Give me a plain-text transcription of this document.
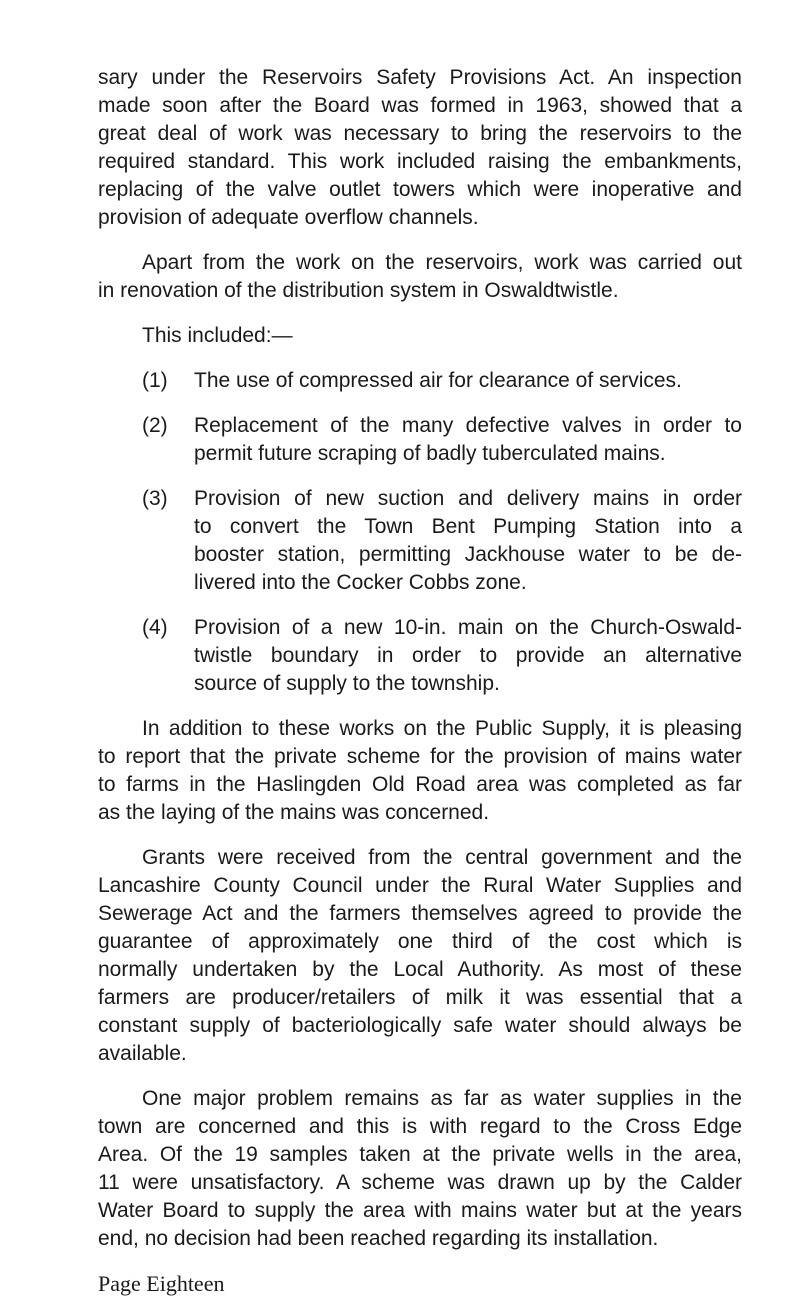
sary under the Reservoirs Safety Provisions Act. An inspection
made soon after the Board was formed in 1963, showed that a
great deal of work was necessary to bring the reservoirs to the
required standard. This work included raising the embankments,
replacing of the valve outlet towers which were inoperative and
provision of adequate overflow channels.
Apart from the work on the reservoirs, work was carried out
in renovation of the distribution system in Oswaldtwistle.
This included:—
(1) The use of compressed air for clearance of services.
(2) Replacement of the many defective valves in order to
permit future scraping of badly tuberculated mains.
(3) Provision of new suction and delivery mains in order
to convert the Town Bent Pumping Station into a
booster station, permitting Jackhouse water to be de-
livered into the Cocker Cobbs zone.
(4) Provision of a new 10-in. main on the Church-Oswald-
twistle boundary in order to provide an alternative
source of supply to the township.
In addition to these works on the Public Supply, it is pleasing
to report that the private scheme for the provision of mains water
to farms in the Haslingden Old Road area was completed as far
as the laying of the mains was concerned.
Grants were received from the central government and the
Lancashire County Council under the Rural Water Supplies and
Sewerage Act and the farmers themselves agreed to provide the
guarantee of approximately one third of the cost which is
normally undertaken by the Local Authority. As most of these
farmers are producer/retailers of milk it was essential that a
constant supply of bacteriologically safe water should always be
available.
One major problem remains as far as water supplies in the
town are concerned and this is with regard to the Cross Edge
Area. Of the 19 samples taken at the private wells in the area,
11 were unsatisfactory. A scheme was drawn up by the Calder
Water Board to supply the area with mains water but at the years
end, no decision had been reached regarding its installation.
Page Eighteen
